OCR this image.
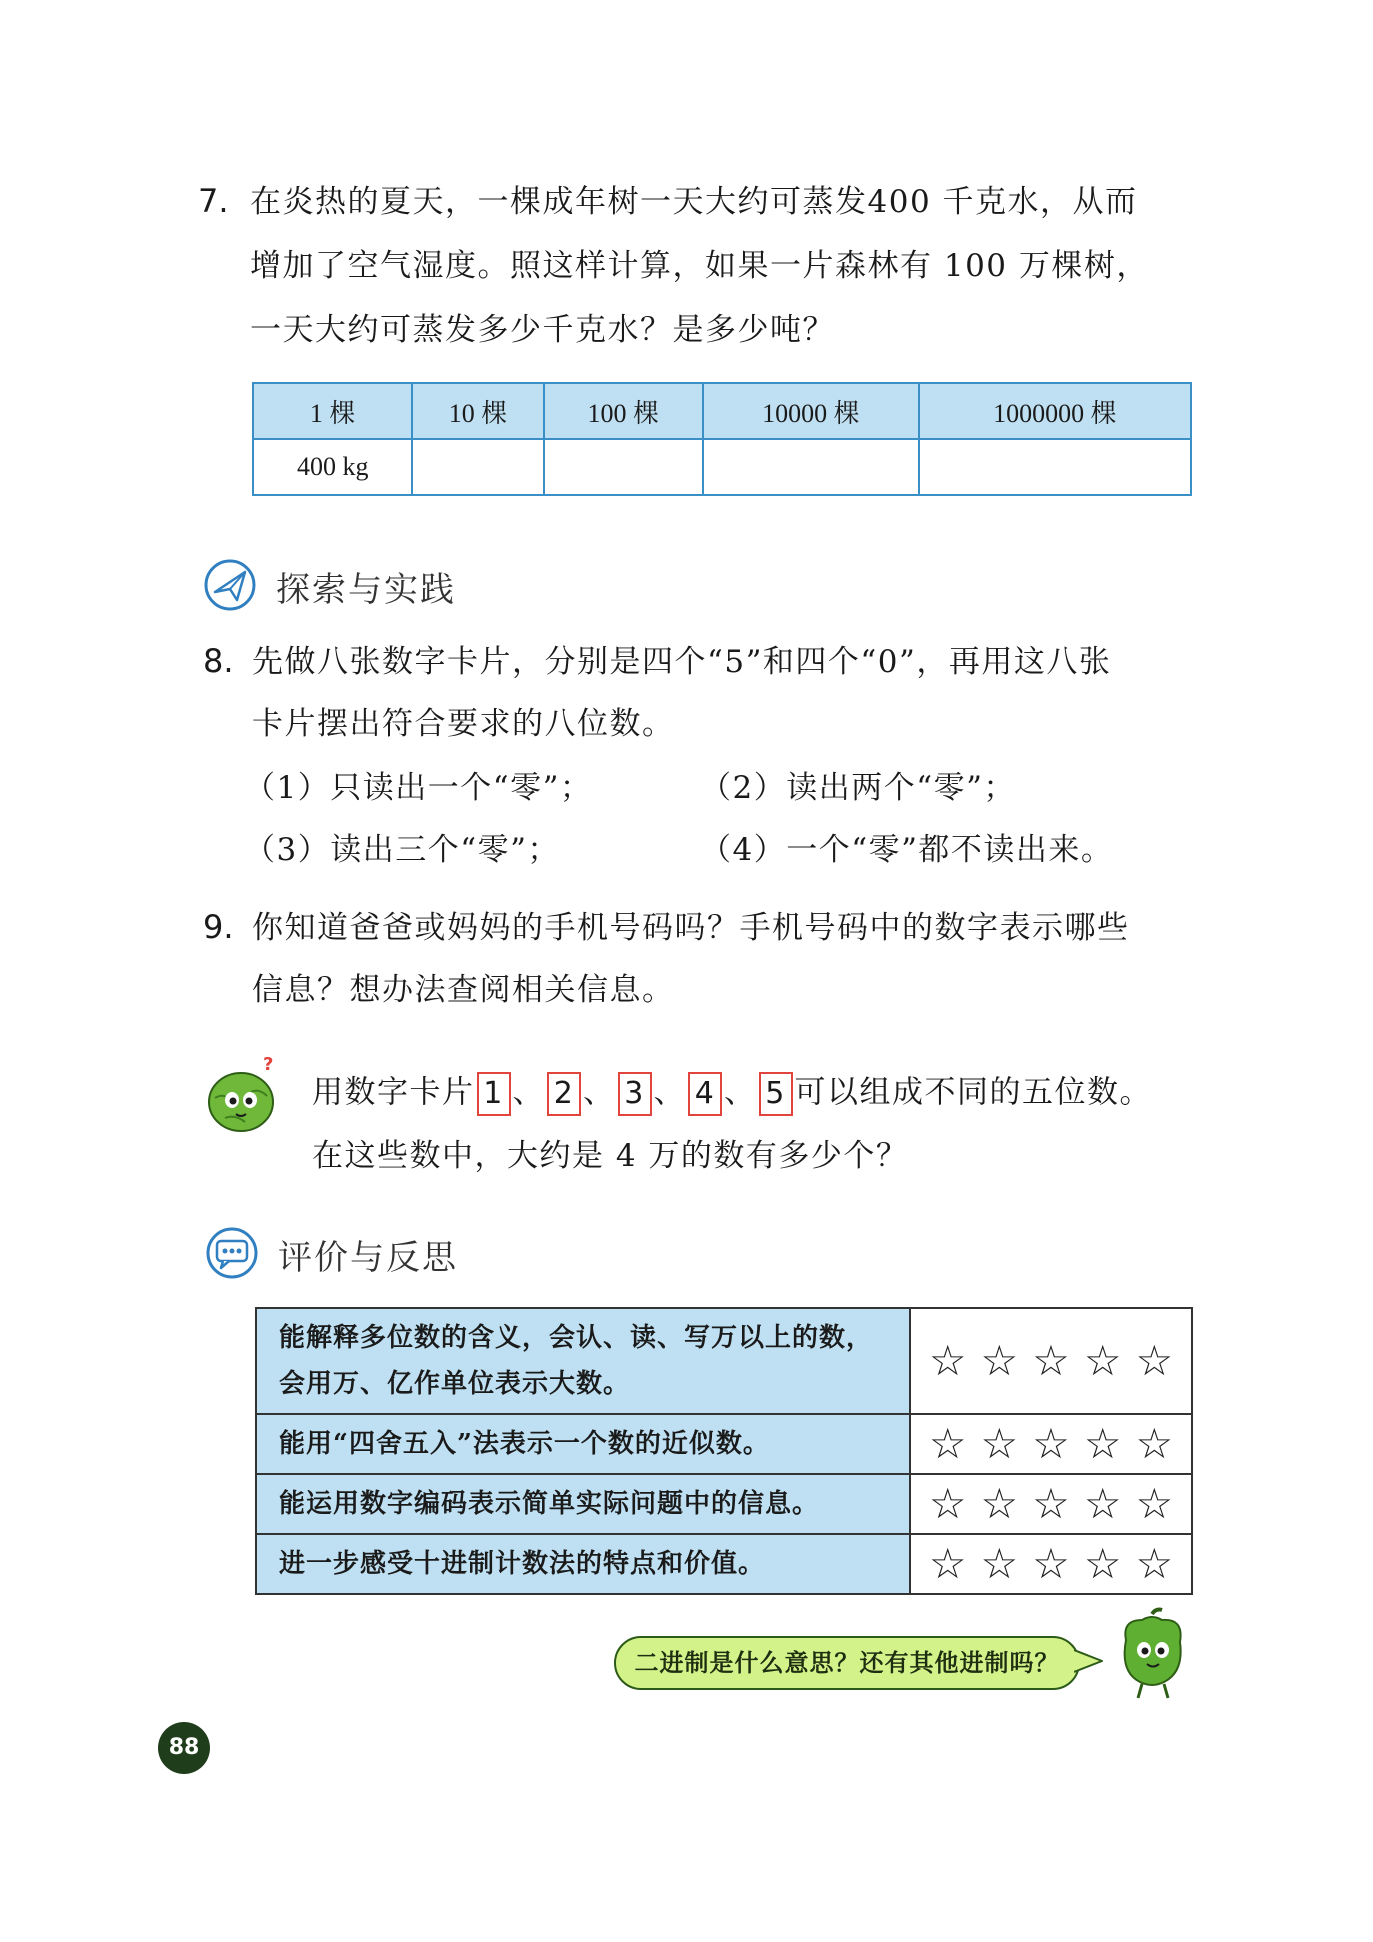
7. 在炎热的夏天，一棵成年树一天大约可蒸发400 千克水，从而
增加了空气湿度。照这样计算，如果一片森林有 100 万棵树，
一天大约可蒸发多少千克水？是多少吨？
1 棵	10 棵	100 棵	10000 棵	1000000 棵
400 kg				
探索与实践
8. 先做八张数字卡片，分别是四个“5”和四个“0”，再用这八张
卡片摆出符合要求的八位数。
（1）只读出一个“零”；	（2）读出两个“零”；
（3）读出三个“零”；	（4）一个“零”都不读出来。
9. 你知道爸爸或妈妈的手机号码吗？手机号码中的数字表示哪些
信息？想办法查阅相关信息。
?
用数字卡片 1 、 2 、 3 、 4 、 5 可以组成不同的五位数。
在这些数中，大约是 4 万的数有多少个？
评价与反思
能解释多位数的含义，会认、读、写万以上的数，会用万、亿作单位表示大数。	☆ ☆ ☆ ☆ ☆
能用“四舍五入”法表示一个数的近似数。	☆ ☆ ☆ ☆ ☆
能运用数字编码表示简单实际问题中的信息。	☆ ☆ ☆ ☆ ☆
进一步感受十进制计数法的特点和价值。	☆ ☆ ☆ ☆ ☆
二进制是什么意思？还有其他进制吗？
88
